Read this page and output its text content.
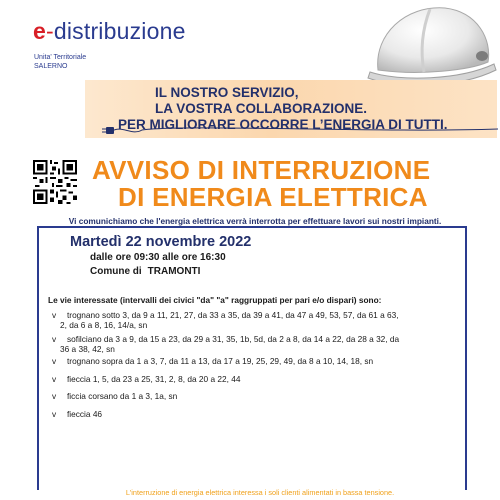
e-distribuzione
Unita' Territoriale
SALERNO
IL NOSTRO SERVIZIO,
LA VOSTRA COLLABORAZIONE.
PER MIGLIORARE OCCORRE L’ENERGIA DI TUTTI.
AVVISO DI INTERRUZIONE
DI ENERGIA ELETTRICA
Vi comunichiamo che l'energia elettrica verrà interrotta per effettuare lavori sui nostri impianti.
Martedì 22 novembre 2022
dalle ore 09:30 alle ore 16:30
Comune di TRAMONTI
Le vie interessate (intervalli dei civici "da" "a" raggruppati per pari e/o dispari) sono:
v trognano sotto 3, da 9 a 11, 21, 27, da 33 a 35, da 39 a 41, da 47 a 49, 53, 57, da 61 a 63,
2, da 6 a 8, 16, 14/a, sn
v sofilciano da 3 a 9, da 15 a 23, da 29 a 31, 35, 1b, 5d, da 2 a 8, da 14 a 22, da 28 a 32, da
36 a 38, 42, sn
v trognano sopra da 1 a 3, 7, da 11 a 13, da 17 a 19, 25, 29, 49, da 8 a 10, 14, 18, sn
v fieccia 1, 5, da 23 a 25, 31, 2, 8, da 20 a 22, 44
v ficcia corsano da 1 a 3, 1a, sn
v fieccia 46
L'interruzione di energia elettrica interessa i soli clienti alimentati in bassa tensione.
